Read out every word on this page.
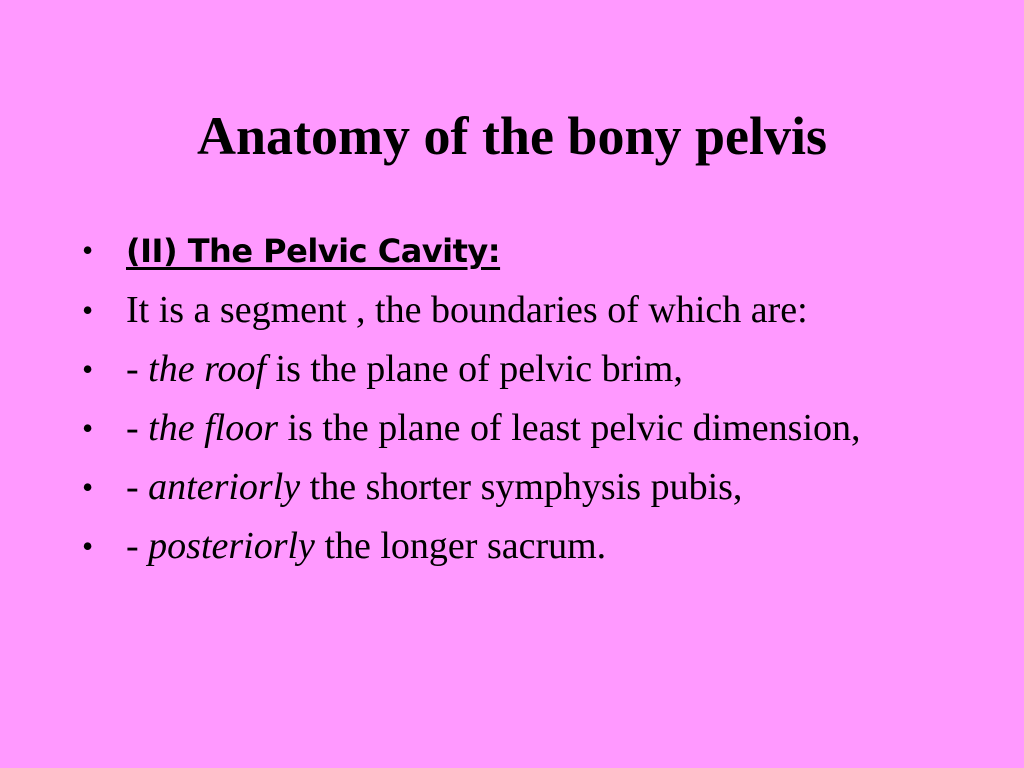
Anatomy of the bony pelvis
•	(II) The Pelvic Cavity:
• It is a segment , the boundaries of which are:
• - the roof is the plane of pelvic brim,
• - the floor is the plane of least pelvic dimension,
• - anteriorly the shorter symphysis pubis,
• - posteriorly the longer sacrum.
